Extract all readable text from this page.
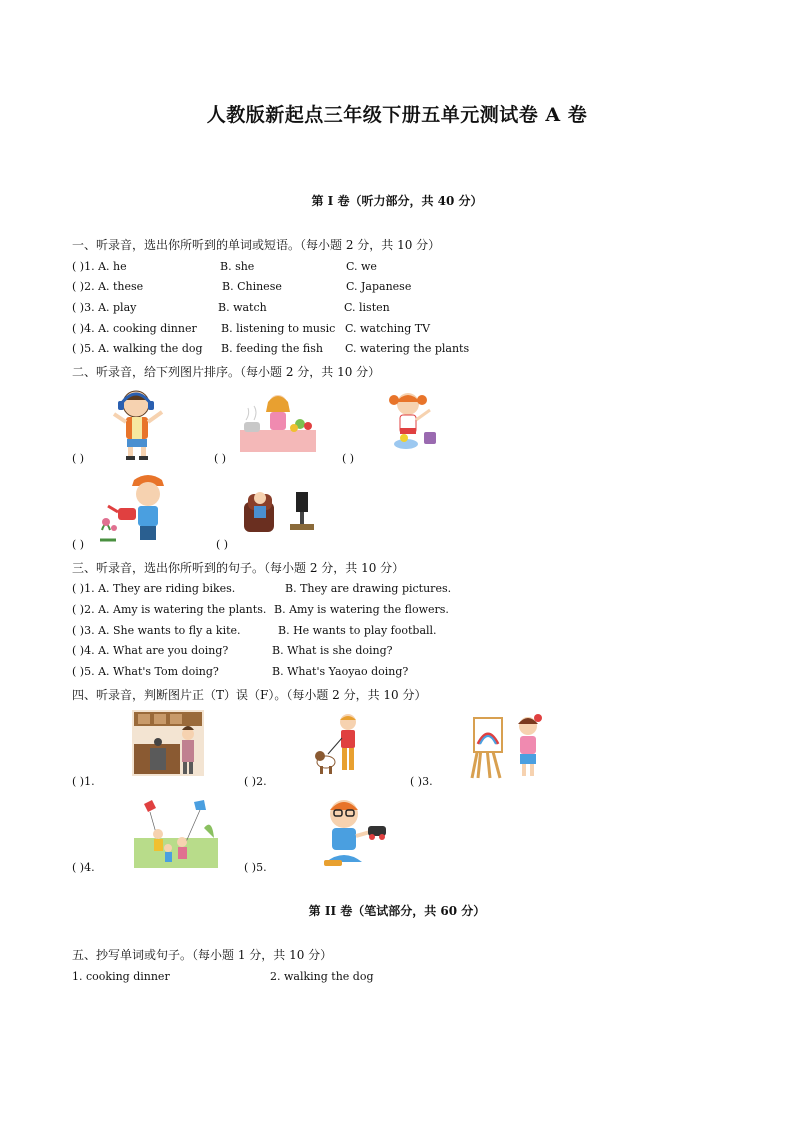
人教版新起点三年级下册五单元测试卷 A 卷
第 I 卷（听力部分，共 40 分）
一、听录音，选出你所听到的单词或短语。（每小题 2 分，共 10 分）
( )1. A. he	B. she	C. we
( )2. A. these	B. Chinese	C. Japanese
( )3. A. play	B. watch	C. listen
( )4. A. cooking dinner B. listening to music C. watching TV
( )5. A. walking the dog B. feeding the fish C. watering the plants
二、听录音，给下列图片排序。（每小题 2 分，共 10 分）
( )	( )	( )
( )	( )
三、听录音，选出你所听到的句子。（每小题 2 分，共 10 分）
( )1. A. They are riding bikes.	B. They are drawing pictures.
( )2. A. Amy is watering the plants. B. Amy is watering the flowers.
( )3. A. She wants to fly a kite.	B. He wants to play football.
( )4. A. What are you doing?	B. What is she doing?
( )5. A. What's Tom doing?	B. What's Yaoyao doing?
四、听录音，判断图片正（T）误（F）。（每小题 2 分，共 10 分）
( )1.	( )2.	( )3.
( )4.	( )5.
第 II 卷（笔试部分，共 60 分）
五、抄写单词或句子。（每小题 1 分，共 10 分）
1. cooking dinner	2. walking the dog
